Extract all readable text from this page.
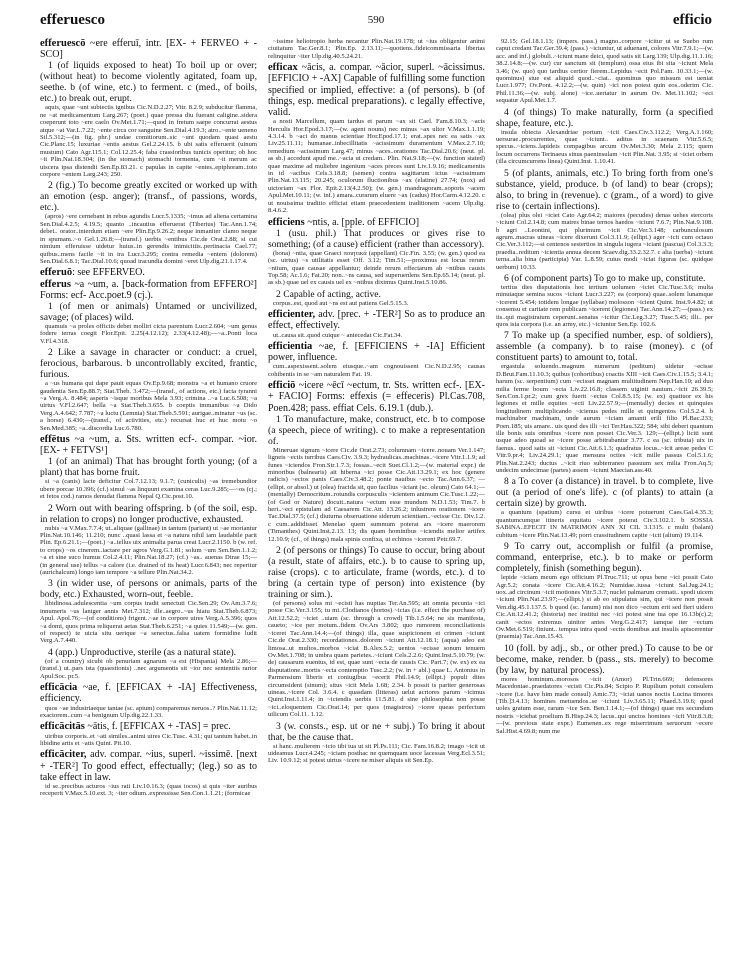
efferuesco	590	efficio

efferuescō ~ere efferuī, intr. [EX- + FERVEO + -SCO]

1 (of liquids exposed to heat) To boil up or over; (without heat) to become violently agitated, foam up, seethe. b (of wine, etc.) to ferment. c (med., of boils, etc.) to break out, erupt.

aquis, quae ~unt subiectis ignibus Cic.N.D.2.27; Vitr. 8.2.9; subducitur flamma, ne ~at medicamentum Larg.267; (poet.) quae pressa diu fuerant caligine..sidera coeperunt toto ~ere caelo Ov.Met.1.71;—quod in fretum saepe concurrat aestus atque ~at Var.L.7.22; ~ente circa cor sanguine Sen.Dial.4.19.3; atro..~ente ueneno Sil.5.312;—(in fig. phr.) undae comitiorum..sic ~unt quodam quasi aestu Cic.Planc.15; luxuriae ~entis aestus Gel.2.24.15. b ubi satis efferuerit (uinum mustum) Cato Agr.115.1; Col.12.25.4; faba crassioribus tunicis operitur; ob hoc ~it Plin.Nat.18.304; (in the stomach) stomachi tormenta, cum ~it merum ac uiscera ipsa distendit Sen.Ep.83.21. c papulas in capite ~entes..epiphoram..toto corpore ~entem Larg.243; 250.

2 (fig.) To become greatly excited or worked up with an emotion (esp. anger); (transf., of passions, words, etc.).

(apros) ~ere cernebant in rebus agundis Lucr.5.1335; ~imus ad aliena certamina Sen.Dial.4.2.5; 4.19.5; quanto ..incautius efferuerat (Tiberius) Tac.Ann.1.74; debet.. orator..interdum etiam ~ere Plin.Ep.9.26.2; neque inmaniter clamo neque in spumam..~o Gel.1.26.8;—(transf.) uerbis ~entibus Cic.de Orat.2.88; si cui nimium efferuisse uidetur huius..in gerendis inimicitiis..pertinacia Cael.77; quibus..mens facile ~it in ira Lucr.3.295; contra remedia ~entem (dolorem) Sen.Dial.6.8.1; Tac.Dial.10.6; quoad iracundia domini ~eret Ulp.dig.21.1.17.4.

efferuō: see EFFERVEO.

efferus ~a ~um, a. [back-formation from EFFERO²] Forms: ecf- Acc.poet.9 (cj.).

1 (of men or animals) Untamed or uncivilized, savage; (of places) wild.

quamuis ~a proles officiis debet molliri cicta parentum Lucr.2.604; ~um genus fodere terras coegit Flor.Epit. 2.25(4.12.12); 2.33(4.12.48);—~a..Ponti loca V.Fl.4.318.

2 Like a savage in character or conduct: a cruel, ferocious, barbarous. b uncontrollably excited, frantic, furious.

a ~us humana qui dape pauit equas Ov.Ep.9.68; monstra ~a et humano cruore gaudentia Sen.Ep.88.7; Stat.Theb. 3.472;—(transf., of actions, etc.) facta tyranni ~a Verg.A. 8.484; asperis ~isque moribus Mela 3.93; crimina ..~a Luc.6.508; ~a uirtus V.Fl.2.647; bella ~a Stat.Theb.3.655. b coeptis immanibus ~a Dido Verg.A.4.642; 7.787; ~a luctu (Lemnia) Stat.Theb.5.591; aurigae..minatur ~us (sc. a horse) 6.430;—(transf., of activities, etc.) recursat huc et huc motu ~o Sen.Med.385; ~a..discordia Luc.6.780.

effētus ~a ~um, a. Sts. written ecf-. compar. ~ior. [EX- + FETVS¹]

1 (of an animal) That has brought forth young; (of a plant) that has borne fruit.

si ~a (canis) lacte deficitur Col.7.12.13; 9.1.7; (cuniculis) ~as tremebundior ubere porcae 10.396; (cf.) simul ~as linquunt examina ceras Luc.9.285;—~os (cj.; et fetos cod.) ramos denudat flamma Nepal Q.Cic.post.10.

2 Worn out with bearing offspring. b (of the soil, esp. in relation to crops) no longer productive, exhausted.

nubis ~a V.Max.7.7.4; ut..aliquae (gallinae) in tantum (pariant) ut ~ae moriantur Plin.Nat.10.146; 11.210; nunc ..quasi lassa et ~a natura nihil iam laudabile parit Plin. Ep.6.21.1;—(poet.) ~a..tellus uix animalia parua creat Lucr.2.1150. b (w. ref. to crops) ~os cinerem..iactare per agros Verg.G.1.81; solum ~um Sen.Ben.1.1.2; ~a et sine suco humus Col.2.4.11; Plin.Nat.18.27; (cf.) ~as.. auenas Dirae 15;—(in general use) tellus ~a calore (i.e. drained of its heat) Lucr.6.843; nec reperitur (aurichalcum) longo iam tempore ~a tellure Plin.Nat.34.2.

3 (in wider use, of persons or animals, parts of the body, etc.) Exhausted, worn-out, feeble.

libidinosa..adulescentia ~um corpus tradit senectuti Cic.Sen.29; Ov.Am.3.7.6; innumeris ~us laniger annis Met.7.312; ille..aegro..~us hiatu Stat.Theb.6.873; Apul. Apol.76;—(of conditions) frigent..~ae in corpore uires Verg.A.5.396; quos ~a domi, quos prima reliquerat aetas Stat.Theb.6.251; ~a quies 11.549;—(w. gen. of respect) te uicta situ uerique ~a senectus..falsa uatem formidine ludit Verg.A.7.440.

4 (app.) Unproductive, sterile (as a natural state).

(of a country) sicubi ob penuriam agnarum ~a est (Hispania) Mela 2.86;—(transf.) ut..pars ista (quaestionis) ..nec argumentis sit ~ior nec sententiis rarior Apul.Soc. pr.5.

efficācia ~ae, f. [EFFICAX + -IA] Effectiveness, efficiency.

quos ~ae industriaeque tantae (sc. apium) comparemus neruos..? Plin.Nat.11.12; exactorem..cum ~a benignum Ulp.dig.22.1.33.

efficācitās ~ātis, f. [EFFICAX + -TAS] = prec.

uiribus corporis..et ~ati similes..animi uires Cic.Tusc. 4.31; qui tantum habet..in libidine artis et ~atis Quint. Pit.10.

efficāciter, adv. compar. ~ius, superl. ~issimē. [next + -TER²] To good effect, effectually; (leg.) so as to take effect in law.

id se..precibus acturos ~ius rati Liv.10.16.3; (quas iocos) si quis ~iter auribus receperit V.Max.5.10.ext. 3; ~iter odium..expressisse Sen.Con.1.1.21; (formicae

~issime heliotropio herba necantur Plin.Nat.19.178; ut ~ius obligentur animi ciuitatum Tac.Ger.8.1; Plin.Ep. 2.13.11;—quotiens..fideicommissaria libertas relinquitur ~iter Ulp.dig.40.5.24.21.

efficax ~ācis, a. compar. ~ācior, superl. ~ācissimus. [EFFICIO + -AX] Capable of fulfilling some function specified or implied, effective: a (of persons). b (of things, esp. medical preparations). c legally effective, valid.

a nosti Marcellum, quam tardus et parum ~ax sit Cael. Fam.8.10.3; ~acis Herculis Hor.Epod.3.17;—(w. agent nouns) nec minus ~ax ultor V.Max.1.1.19; 4.3.14. b ~aci do manus scientiae Hor.Epod.17.1; erat..spes nec ea satis ~ax Liv.25.11.11; humanae..inbecillitatis ~acissimum duramentum V.Max.2.7.10; remedium ~acissimum Larg.47; minus ~aces..orationes Tac.Dial.20.6; (neut. pl. as sb.) accedunt apud me..~acia ut credam.. Plin. Nat.9.18;—(w. function stated) quae maxime ad muliebre ingenium ~aces preces sunt Liv.1.9.16; medicamentis in id ~acibus Cels.3.18.8; (semen) contra sagittarum ictus ~acissimum Plin.Nat.13.115; 20.245; oculorum fluctionibus ~ax (elatine) 27.74; (nox) ad uictoriam ~ax Flor. Epit.2.13(4.2.50); (w. gen.) mandragoram..soporis ~acem Apul.Met.10.11; (w. inf.) amara..curarum eluere ~ax (cadus) Hor.Carm.4.12.20. c ut nouissima traditio efficiat etiam praecedentem traditionem ~acem Ulp.dig. 8.4.6.2.

efficiens ~ntis, a. [pple. of EFFICIO]

1 (usu. phil.) That produces or gives rise to something; (of a cause) efficient (rather than accessory).

(bona) ~ntia, quae Graeci ποιητικά (appellant) Cic.Fin. 3.55; (w. gen.) quod ea (sc. uirtus) ~s utilitatis esset Off. 3.12; Tim.51;—proximus est locus rerum ~ntium, quae causae appellantur; deinde rerum effectarum ab ~ntibus causis Top.58; Ac.1.6; Fat.20; non..~ns causa, sed superuenlens Sen.Ep.65.14; (neut. pl. as sb.) quae uel ex causis uel ex ~ntibus diximus Quint.Inst.5.10.86.

2 Capable of acting, active.

corpus..est, quod aut ~ns est aut patiens Gel.5.15.3.

efficienter, adv. [prec. + -TER²] So as to produce an effect, effectively.

ut..causa sit..quod cuique ~ antecedat Cic.Fat.34.

efficientia ~ae, f. [EFFICIENS + -IA] Efficient power, influence.

cum..aspexissent..solem eiusque..~am cognouissent Cic.N.D.2.95; causas cohibentis in se ~am naturalem Fat. 19.

efficiō ~icere ~ēcī ~ectum, tr. Sts. written ecf-. [EX- + FACIO] Forms: effexis (= effeceris) Pl.Cas.708, Poen.428; pass. effiat Cels. 6.19.1 (dub.).

1 To manufacture, make, construct, etc. b to compose (a speech, piece of writing). c to make a representation of.

Mineruae signum ~icere Cic.de Orat.2.73; columnam ~icere..nouam Ver.1.147; ligneis ~ectis turribus Caes.Civ. 3.9.3; hydraulicas..machinas..~icere Vitr.1.1.9; ad funes ~iciendos Fron.Str.1.7.3; fossas..~ecit Suet.Cl.1.2;—(w. material expr.) de minoribus (balnearis) ait hiberna ~ici posse Cic.Att.13.29.1; ex hoc (genere radicis) ~ectos panis Caes.Civ.3.48.2; ponte nauibus ~ecto Tac.Ann.6.37; —(ellipt. or absol.) ut (olea) fracida sit, quo facilius ~iciant (sc. oleum) Cato 64.1;—(mentally) Democritum..rotundis corpusculis ~icientem animum Cic.Tusc.1.22;—(of God or Nature) docuit..natura ~ectum esse mundum N.D.1.53; Tim.7. b heri..~eci epistulam ad Caesarem Cic.Att. 13.26.2; inlustrem orationem ~icere Tac.Dial.37.5; (cf.) diuturna obseruatione siderum scientiam..~ecisse Cic. Div.1.2. c cum..addidisset Menelao quem summum poterat ars ~icere maerorem (Timanthes) Quint.Inst.2.13. 13; dis quam hominibus ~iciendis melior artifex 12.10.9; (cf., of things) mala spinis confixa, ut echinos ~icerent Petr.69.7.

2 (of persons or things) To cause to occur, bring about (a result, state of affairs, etc.). b to cause to spring up, raise (crops). c to articulate, frame (words, etc.). d to bring (a certain type of person) into existence (by training or sim.).

(of persons) solus mi ~ecisti has nuptias Ter.An.595; ait omnia pecunia ~ici posse Cic.Ver.3.155; tu mi..Clodianos (hortos) ~icias (i.e. effect the purchase of) Att.12.52.2; ~iciet ..uiam (sc. through a crowd) Tib.1.5.64; ne sis manifesta, caueto; ~ice per motum..fidem Ov.Ars 3.802; quo rumorem reconciliationis ~iceret Tac.Ann.14.4;—(of things) illa, quae suspicionem et crimen ~iciunt Cic.de Orat.2.330; recordationes..dolorem ~iciunt Att.12.18.1; (aqua) adeo est limosa..ut multos..morbos ~iciat B.Alex.5.2; uentos ~ecisse sonum tenuem Ov.Met.1.708; in umbra quam parietes..~iciunt Cels.2.2.6; Quint.Inst.5.10.79; (w. de) causarum euentus, id est, quae sunt ~ecta de causis Cic. Part.7; (w. ex) ex ea disputatione..mortis ~ecta contemptio Tusc.2.2; (w. in + abl.) quae L. Antonius in Parmensium liberis et coniugibus ~ecerit Phil.14.9; (ellipt.) populi dites circumsident (sinum); situs ~icit Mela 1.68; 2.34. b possit is pariter generosas uineas..~icere Col. 3.6.4. c quasdam (litteras) uelut acriores parum ~icimus Quint.Inst.1.11.4; in ~iciendis uerbis 11.5.81. d sine philosophia non posse ~ici..eloquentem Cic.Orat.14; per quos (magistros) ~icere queas perfectum uilicum Col.11. 1.12.

3 (w. consts., esp. ut or ne + subj.) To bring it about that, be the cause that.

si hanc..mulierem ~icio tibi tua ut sit Pl.Ps.111; Cic. Fam.16.8.2; imago ~icit ut uideamus Lucr.4.245; ~iciam posthac ne quemquam uoce lacessas Verg.Ecl.3.51; Liv. 10.9.12; si potest uirtus ~icere ne miser aliquis sit Sen.Ep.

92.15; Gel.18.1.13; (impers. pass.) magno..corpore ~icitur ut se Suebo rum caput credant Tac.Ger.39.4; (pass.) ~iciuntur, ut aduenant, colores Vitr.7.9.1;—(w. acc. and inf.) globuli..~iciunt mane deici, quod satis sit Larg.139; Ulp.dig.11.1.16; 38.2.14.8;—(w. cur) cur sanctum sit (templum) ossa eius ibi sita ~iciunt Mela 3.46; (w. quo) quo tardius certior fierem..Lepidus ~ecit Pol.Fam. 10.33.1;—(w. quominus) siue est aliquid quod..~ciat.. quominus quo missum est ueniat Lucr.1.977; Ov.Pont. 4.12.2;—(w. quin) ~ici non potest quin eos..oderim Cic. Phil.11.36;—(w. subj. alone) ~ice..uertatur in aurum Ov. Met.11.102; ~eci sequatur Apul.Met.1.7.

4 (of things) To make naturally, form (a specified shape, feature, etc.).

insula obiecta Alexandriae portum ~icit Caes.Civ.3.112.2; Verg.A.1.160; uersurae..procurrentes, quae ~iciunt.. aditus in scaenam Vitr.5.6.5; specus..~iciens..lapideis compagibus arcum Ov.Met.3.30; Mela 2.115; quem locum occurrens Terinaeus sinus paeninsulam ~icit Plin.Nat. 3.95; si ~iciet orbem (illa circumcurrens linea) Quint.Inst. 1.10.41.

5 (of plants, animals, etc.) To bring forth from one's substance, yield, produce. b (of land) to bear (crops); also, to bring in (revenue). c (gram., of a word) to give rise to (certain inflections).

(olea) plus olei ~iciet Cato Agr.64.2; maiores (pecudes) denas uehes stercoris ~iciunt Col.2.14.8; cum matres binae ternos haedos ~iciunt 7.6.7; Plin.Nat.9.108. b agri ..Leontini, qui plurimum ~icit Cic.Ver.3.148; carbunculosum agrum..macras uineas ~icere dixerunt Col.3.11.9; (ellipt.) ager ~icit cum octauo Cic.Ver.3.112;—si centenos sestertios in singula iugera ~iciant (pascua) Col.3.3.3; praedia..reditum ~icientia annua decem Scaev.dig.33.2.32.7. c alia (uerba) ~iciunt terna..alia bina (participia) Var. L.8.59; cuius modi ~iciat figuras (sc. quidque uerbum) 10.33.

6 (of component parts) To go to make up, constitute.

tertius dies disputationis hoc tertium uolumen ~iciet Cic.Tusc.3.6; multa minutaque semina sucos ~iciunt Lucr.3.227; ea (corpora) quae..solem lunamque ~icerent 5.454; totidem longae (syllabae) molosson ~icient Quint. Inst.9.4.82; ut consensu et caritate rem publicam ~icerent (legiones) Tac.Ann.14.27;—(pass.) ex iis..qui magistratum ceperunt..senatus ~icitur Cic.Leg.3.27; Tusc.5.45; illi.. per quos ista corpora (i.e. an army, etc.) ~iciuntur Sen.Ep. 102.6.

7 To make up (a specified number, esp. of soldiers), assemble (a company). b to raise (money). c (of constituent parts) to amount to, total.

ergastula soluendo..magnum numerum (peditum) uidetur ~ecisse D.Brut.Fam.11.10.3; quibus (cohortibus) coactis XIII ~icit Caes.Civ.1.15.5; 3.4.1; harum (sc. serpentium) cum ~ecisset magnam multitudinem Nep.Han.10; ad duo milia ferme boum ~ecta Liv.22.16.8; classem uiginti nauium..~icit 26.39.5; Sen.Con.1.pr.2; cum grex fuerit ~ectus Col.8.5.15; (w. ex) quattuor ex his legiones et mille equites ~ecti Liv.22.57.9;—(mentally) decies et quinquies longitudinem multiplicando ~icienus pedes mille et quingentos Col.5.2.4. b machinabor machinam, unde aurum ~iciam amanti erili filio Pl.Bac.233; Poen.185; uis amare.. uis quod des illi ~ici Ter.Hau.322; 584; sibi deberi quantum ille bonis suis omnibus ~icere non posset Cic.Ver.3. 129;—(ellipt.) liciti sunt usque adeo quoad se ~icere posse arbitrabantur 3.77. c ea (sc. tributa) uix in faenus.. quod satis sit ~iciunt Cic.Att.6.1.3; quadratus locus..~icit areae pedes C Vitr.9.pr.4; Liv.24.29.1; quae mensura octies ~icit mille passus Col.5.1.6; Plin.Nat.2.243; ductus ..~icit riuo subterraneo passuum sex milia Fron.Aq.5; undecim undecimae (partes) assem ~iciunt Maecian.ass.40.

8 a To cover (a distance) in travel. b to complete, live out (a period of one's life). c (of plants) to attain (a certain size) by growth.

a quantum (spatium) cursu et uiribus ~icere potuerunt Caes.Gal.4.35.3; quantumcumque itineris equitatu ~icere poterat Civ.3.102.1. b SOSSIA SABINA..EFECIT IN MATRIMON ANN XI CIL 3.1315. c multi (balani) cubitum ~icere Plin.Nat.13.49; porri crassitudinem capite ~icit (alium) 19.114.

9 To carry out, accomplish or fulfil (a promise, command, enterprise, etc.). b to make or perform completely, finish (something begun).

lepide ~iciam meum ego officium Pl.Truc.711; ut opus bene ~ici possit Cato Agr.5.2; conata ~icere Cic.Att.4.16.2; Numidae..iussa ~iciunt Sal.Jug.24.1; uox..ad circinum ~icit motiones Vitr.5.3.7; nuclei palmarum cremati.. spodi uicem ~iciunt Plin.Nat.23.97;—(ellipt.) si ab eo stipulatus sim, qui ~icere non possit Ven.dig.45.1.137.5. b quod (sc. fanum) nisi non dico ~ectum erit sed fieri uidero Cic.Att.12.41.2; (historia) nec institui nec ~ici potest sine tua ope 16.13b(c).2; canit ~ectos extremus uinitor antes Verg.G.2.417; iamque iter ~ectum Ov.Met.6.519; finiunt.. tempus intra quod ~ectis domibus aut insulis apiscerentur (praemia) Tac.Ann.15.43.

10 (foll. by adj., sb., or other pred.) To cause to be or become, make, render. b (pass., sts. merely) to become (by law, by natural process).

mores hominum..morosos ~icit (Amor) Pl.Trin.669; defensores Macedoniae..praedatores ~ecisti Cic.Pis.84; Scipio P. Rupilium potuit consulem ~icere (i.e. have him made consul) Amic.73; ~iciat uanos noctis Lucina timores [Tib.]3.4.13; homines metuendos..se ~iciunt Liv.3.65.11; Phaed.3.19.6; quod uoles gratum esse, rarum ~ice Sen. Ben.1.14.1;—(of things) quae res secundum nostris ~iciebat proelium B.Hisp.24.3; lacus..qui unctos homines ~icit Vitr.8.3.8;—(w. previous state expr.) Eumenen..ex rege miserrimum seruorum ~ecere Sal.Hist.4.69.8; num me
